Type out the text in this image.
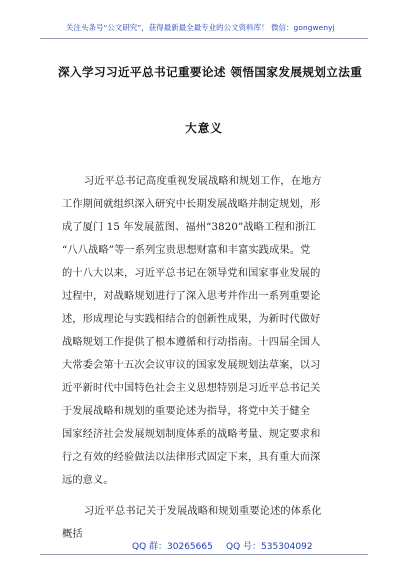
关注头条号“公文研究”，获得最新最全最专业的公文资料库！ 微信：gongwenyj
深入学习习近平总书记重要论述 领悟国家发展规划立法重
大意义
习近平总书记高度重视发展战略和规划工作，在地方
工作期间就组织深入研究中长期发展战略并制定规划，形
成了厦门 15 年发展蓝图、福州“3820”战略工程和浙江
“八八战略”等一系列宝贵思想财富和丰富实践成果。党
的十八大以来，习近平总书记在领导党和国家事业发展的
过程中，对战略规划进行了深入思考并作出一系列重要论
述，形成理论与实践相结合的创新性成果，为新时代做好
战略规划工作提供了根本遵循和行动指南。十四届全国人
大常委会第十五次会议审议的国家发展规划法草案，以习
近平新时代中国特色社会主义思想特别是习近平总书记关
于发展战略和规划的重要论述为指导，将党中关于健全
国家经济社会发展规划制度体系的战略考量、规定要求和
行之有效的经验做法以法律形式固定下来，具有重大而深
远的意义。
习近平总书记关于发展战略和规划重要论述的体系化
概括
QQ 群：30265665 QQ 号：535304092
